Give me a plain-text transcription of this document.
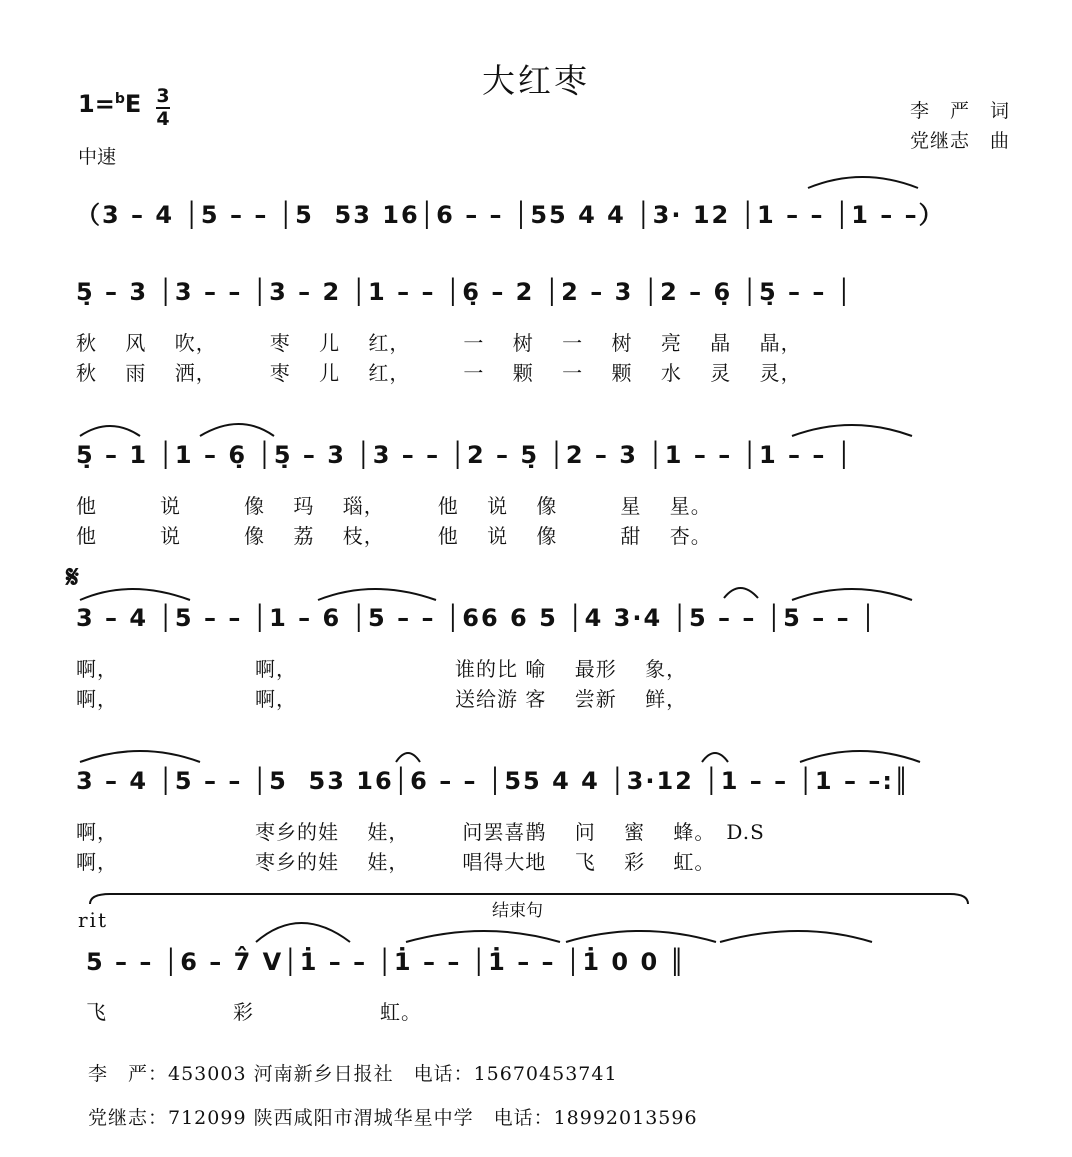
大红枣
1=$^b$E 3
4
中速
李　严　词
党继志　曲
（3 – 4 │5 – – │5  53 16│6 – – │55 4 4 │3· 12 │1 – – │1 – –）
5̣ – 3 │3 – – │3 – 2 │1 – – │6̣ – 2 │2 – 3 │2 – 6̣ │5̣ – – │
秋　 风　 吹，　　　枣　 儿　 红，　　　一　 树　 一　 树　 亮　 晶　 晶，
秋　 雨　 洒，　　　枣　 儿　 红，　　　一　 颗　 一　 颗　 水　 灵　 灵，
5̣ – 1 │1 – 6̣ │5̣ – 3 │3 – – │2 – 5̣ │2 – 3 │1 – – │1 – – │
他　　　说　　　像　 玛　 瑙，　　　他　 说　 像　　　星　 星。
他　　　说　　　像　 荔　 枝，　　　他　 说　 像　　　甜　 杏。
𝄋
3 – 4 │5 – – │1 – 6 │5 – – │66 6 5 │4 3·4 │5 – – │5 – – │
啊，　　　　　　　啊，　　　　　　　　谁的比 喻　 最形　 象，
啊，　　　　　　　啊，　　　　　　　　送给游 客　 尝新　 鲜，
3 – 4 │5 – – │5  53 16│6 – – │55 4 4 │3·12 │1 – – │1 – –:║
啊，　　　　　　　枣乡的娃　 娃，　　　问罢喜鹊　 问　 蜜　 蜂。　D.S
啊，　　　　　　　枣乡的娃　 娃，　　　唱得大地　 飞　 彩　 虹。
rit	结束句
5 – – │6 – 7̂ V│1̇ – – │1̇ – – │1̇ – – │1̇ 0 0 ║
飞　　　　　　彩　　　　　　虹。
李　严：453003 河南新乡日报社　电话：15670453741
党继志：712099 陕西咸阳市渭城华星中学　电话：18992013596
